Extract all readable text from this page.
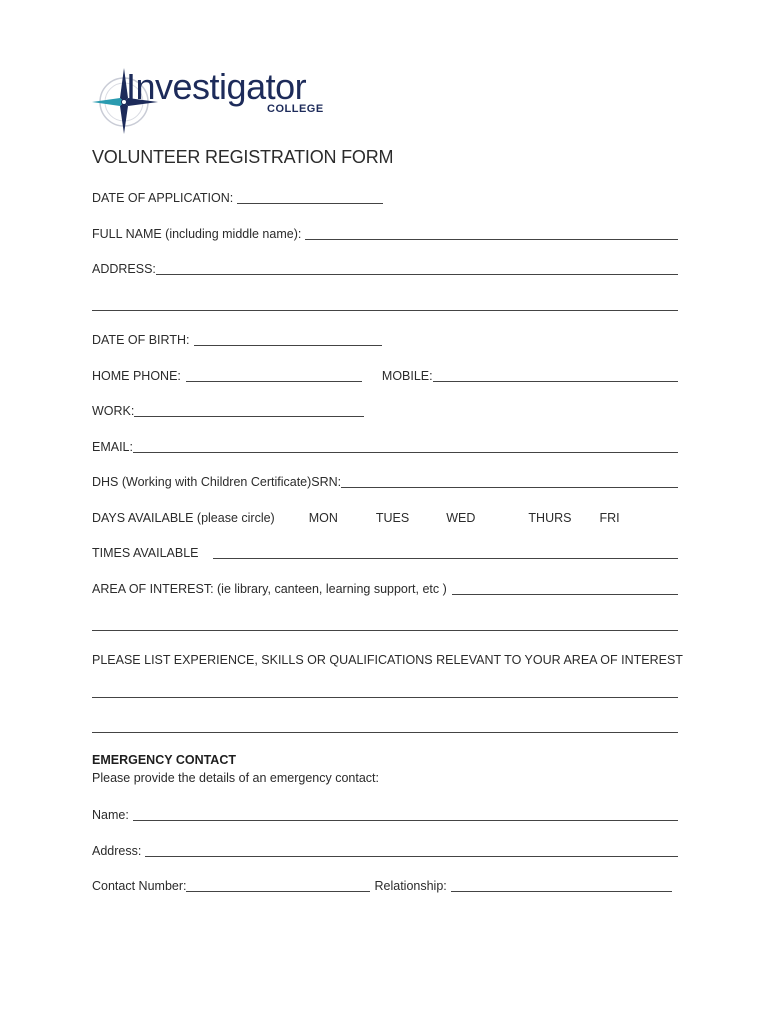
Investigator
COLLEGE
VOLUNTEER REGISTRATION FORM
DATE OF APPLICATION:
FULL NAME (including middle name):
ADDRESS:
DATE OF BIRTH:
HOME PHONE:	MOBILE:
WORK:
EMAIL:
DHS (Working with Children Certificate)SRN:
DAYS AVAILABLE (please circle)	MON	TUES	WED	THURS FRI
TIMES AVAILABLE
AREA OF INTEREST: (ie library, canteen, learning support, etc )
PLEASE LIST EXPERIENCE, SKILLS OR QUALIFICATIONS RELEVANT TO YOUR AREA OF INTEREST
EMERGENCY CONTACT
Please provide the details of an emergency contact:
Name:
Address:
Contact Number:	Relationship:
